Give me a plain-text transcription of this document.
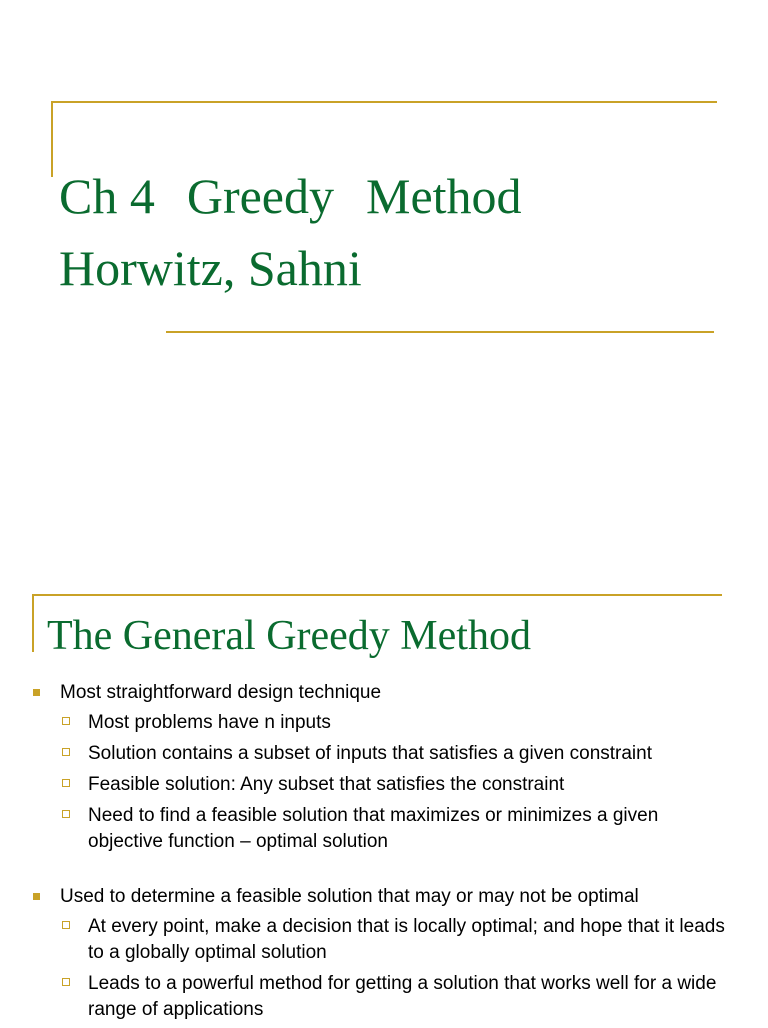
Ch 4 Greedy Method
Horwitz, Sahni
The General Greedy Method
Most straightforward design technique
Most problems have n inputs
Solution contains a subset of inputs that satisfies a given constraint
Feasible solution: Any subset that satisfies the constraint
Need to find a feasible solution that maximizes or minimizes a given objective function – optimal solution
Used to determine a feasible solution that may or may not be optimal
At every point, make a decision that is locally optimal; and hope that it leads to a globally optimal solution
Leads to a powerful method for getting a solution that works well for a wide range of applications
